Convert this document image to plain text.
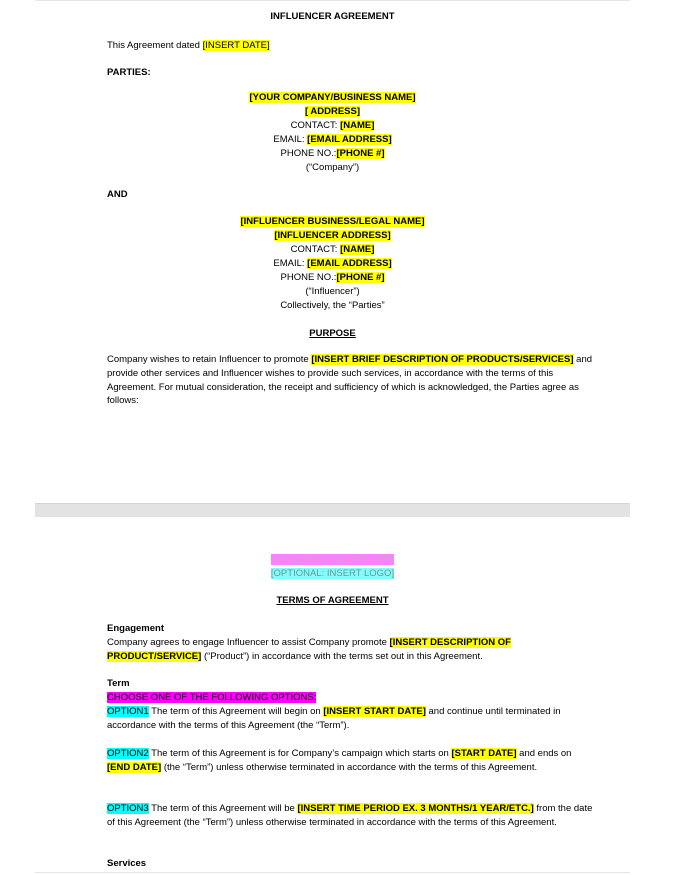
INFLUENCER AGREEMENT
This Agreement dated [INSERT DATE]
PARTIES:
[YOUR COMPANY/BUSINESS NAME]
[ ADDRESS]
CONTACT: [NAME]
EMAIL: [EMAIL ADDRESS]
PHONE NO.:[PHONE #]
(“Company”)
AND
[INFLUENCER BUSINESS/LEGAL NAME]
[INFLUENCER ADDRESS]
CONTACT: [NAME]
EMAIL: [EMAIL ADDRESS]
PHONE NO.:[PHONE #]
(“Influencer”)
Collectively, the “Parties”
PURPOSE
Company wishes to retain Influencer to promote [INSERT BRIEF DESCRIPTION OF PRODUCTS/SERVICES] and provide other services and Influencer wishes to provide such services, in accordance with the terms of this Agreement. For mutual consideration, the receipt and sufficiency of which is acknowledged, the Parties agree as follows:
Last updated: July 16th 2021
[OPTIONAL: INSERT LOGO]
TERMS OF AGREEMENT
Engagement
Company agrees to engage Influencer to assist Company promote [INSERT DESCRIPTION OF PRODUCT/SERVICE] (“Product”) in accordance with the terms set out in this Agreement.
Term
CHOOSE ONE OF THE FOLLOWING OPTIONS:
OPTION1 The term of this Agreement will begin on [INSERT START DATE] and continue until terminated in accordance with the terms of this Agreement (the “Term”).
OPTION2 The term of this Agreement is for Company’s campaign which starts on [START DATE] and ends on [END DATE] (the “Term”) unless otherwise terminated in accordance with the terms of this Agreement.
OPTION3 The term of this Agreement will be [INSERT TIME PERIOD EX. 3 MONTHS/1 YEAR/ETC.] from the date of this Agreement (the “Term”) unless otherwise terminated in accordance with the terms of this Agreement.
Services
